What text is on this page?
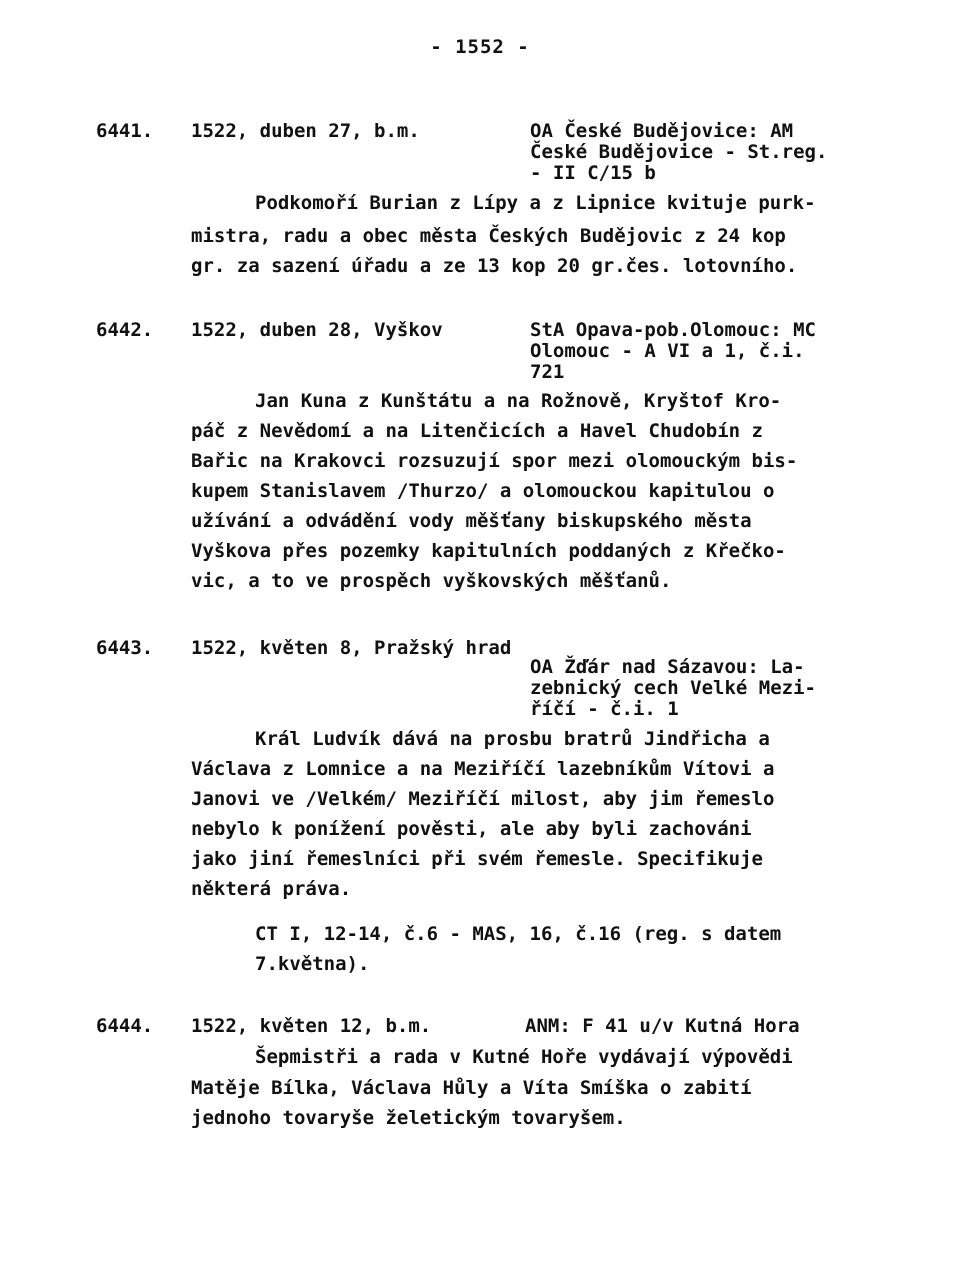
- 1552 -
6441. 1522, duben 27, b.m.	OA České Budějovice: AM
České Budějovice - St.reg.
- II C/15 b
Podkomoří Burian z Lípy a z Lipnice kvituje purk-
mistra, radu a obec města Českých Budějovic z 24 kop
gr. za sazení úřadu a ze 13 kop 20 gr.čes. lotovního.
6442. 1522, duben 28, Vyškov	StA Opava-pob.Olomouc: MC
Olomouc - A VI a 1, č.i.
721
Jan Kuna z Kunštátu a na Rožnově, Kryštof Kro-
páč z Nevědomí a na Litenčicích a Havel Chudobín z
Bařic na Krakovci rozsuzují spor mezi olomouckým bis-
kupem Stanislavem /Thurzo/ a olomouckou kapitulou o
užívání a odvádění vody měšťany biskupského města
Vyškova přes pozemky kapitulních poddaných z Křečko-
vic, a to ve prospěch vyškovských měšťanů.
6443. 1522, květen 8, Pražský hrad
OA Žďár nad Sázavou: La-
zebnický cech Velké Mezi-
říčí - č.i. 1
Král Ludvík dává na prosbu bratrů Jindřicha a
Václava z Lomnice a na Meziříčí lazebníkům Vítovi a
Janovi ve /Velkém/ Meziříčí milost, aby jim řemeslo
nebylo k ponížení pověsti, ale aby byli zachováni
jako jiní řemeslníci při svém řemesle. Specifikuje
některá práva.
CT I, 12-14, č.6 - MAS, 16, č.16 (reg. s datem
7.května).
6444. 1522, květen 12, b.m.	ANM: F 41 u/v Kutná Hora
Šepmistři a rada v Kutné Hoře vydávají výpovědi
Matěje Bílka, Václava Hůly a Víta Smíška o zabití
jednoho tovaryše želetickým tovaryšem.
